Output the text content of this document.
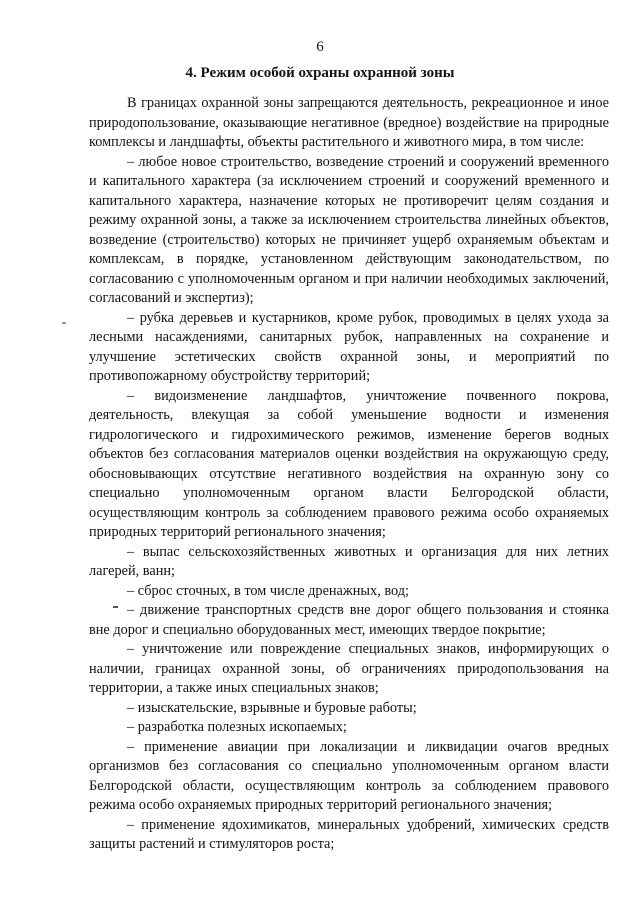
6
4. Режим особой охраны охранной зоны

В границах охранной зоны запрещаются деятельность, рекреационное и иное природопользование, оказывающие негативное (вредное) воздействие на природные комплексы и ландшафты, объекты растительного и животного мира, в том числе:

– любое новое строительство, возведение строений и сооружений временного и капитального характера (за исключением строений и сооружений временного и капитального характера, назначение которых не противоречит целям создания и режиму охранной зоны, а также за исключением строительства линейных объектов, возведение (строительство) которых не причиняет ущерб охраняемым объектам и комплексам, в порядке, установленном действующим законодательством, по согласованию с уполномоченным органом и при наличии необходимых заключений, согласований и экспертиз);

– рубка деревьев и кустарников, кроме рубок, проводимых в целях ухода за лесными насаждениями, санитарных рубок, направленных на сохранение и улучшение эстетических свойств охранной зоны, и мероприятий по противопожарному обустройству территорий;

– видоизменение ландшафтов, уничтожение почвенного покрова, деятельность, влекущая за собой уменьшение водности и изменения гидрологического и гидрохимического режимов, изменение берегов водных объектов без согласования материалов оценки воздействия на окружающую среду, обосновывающих отсутствие негативного воздействия на охранную зону со специально уполномоченным органом власти Белгородской области, осуществляющим контроль за соблюдением правового режима особо охраняемых природных территорий регионального значения;

– выпас сельскохозяйственных животных и организация для них летних лагерей, ванн;

– сброс сточных, в том числе дренажных, вод;

– движение транспортных средств вне дорог общего пользования и стоянка вне дорог и специально оборудованных мест, имеющих твердое покрытие;

– уничтожение или повреждение специальных знаков, информирующих о наличии, границах охранной зоны, об ограничениях природопользования на территории, а также иных специальных знаков;

– изыскательские, взрывные и буровые работы;

– разработка полезных ископаемых;

– применение авиации при локализации и ликвидации очагов вредных организмов без согласования со специально уполномоченным органом власти Белгородской области, осуществляющим контроль за соблюдением правового режима особо охраняемых природных территорий регионального значения;

– применение ядохимикатов, минеральных удобрений, химических средств защиты растений и стимуляторов роста;
